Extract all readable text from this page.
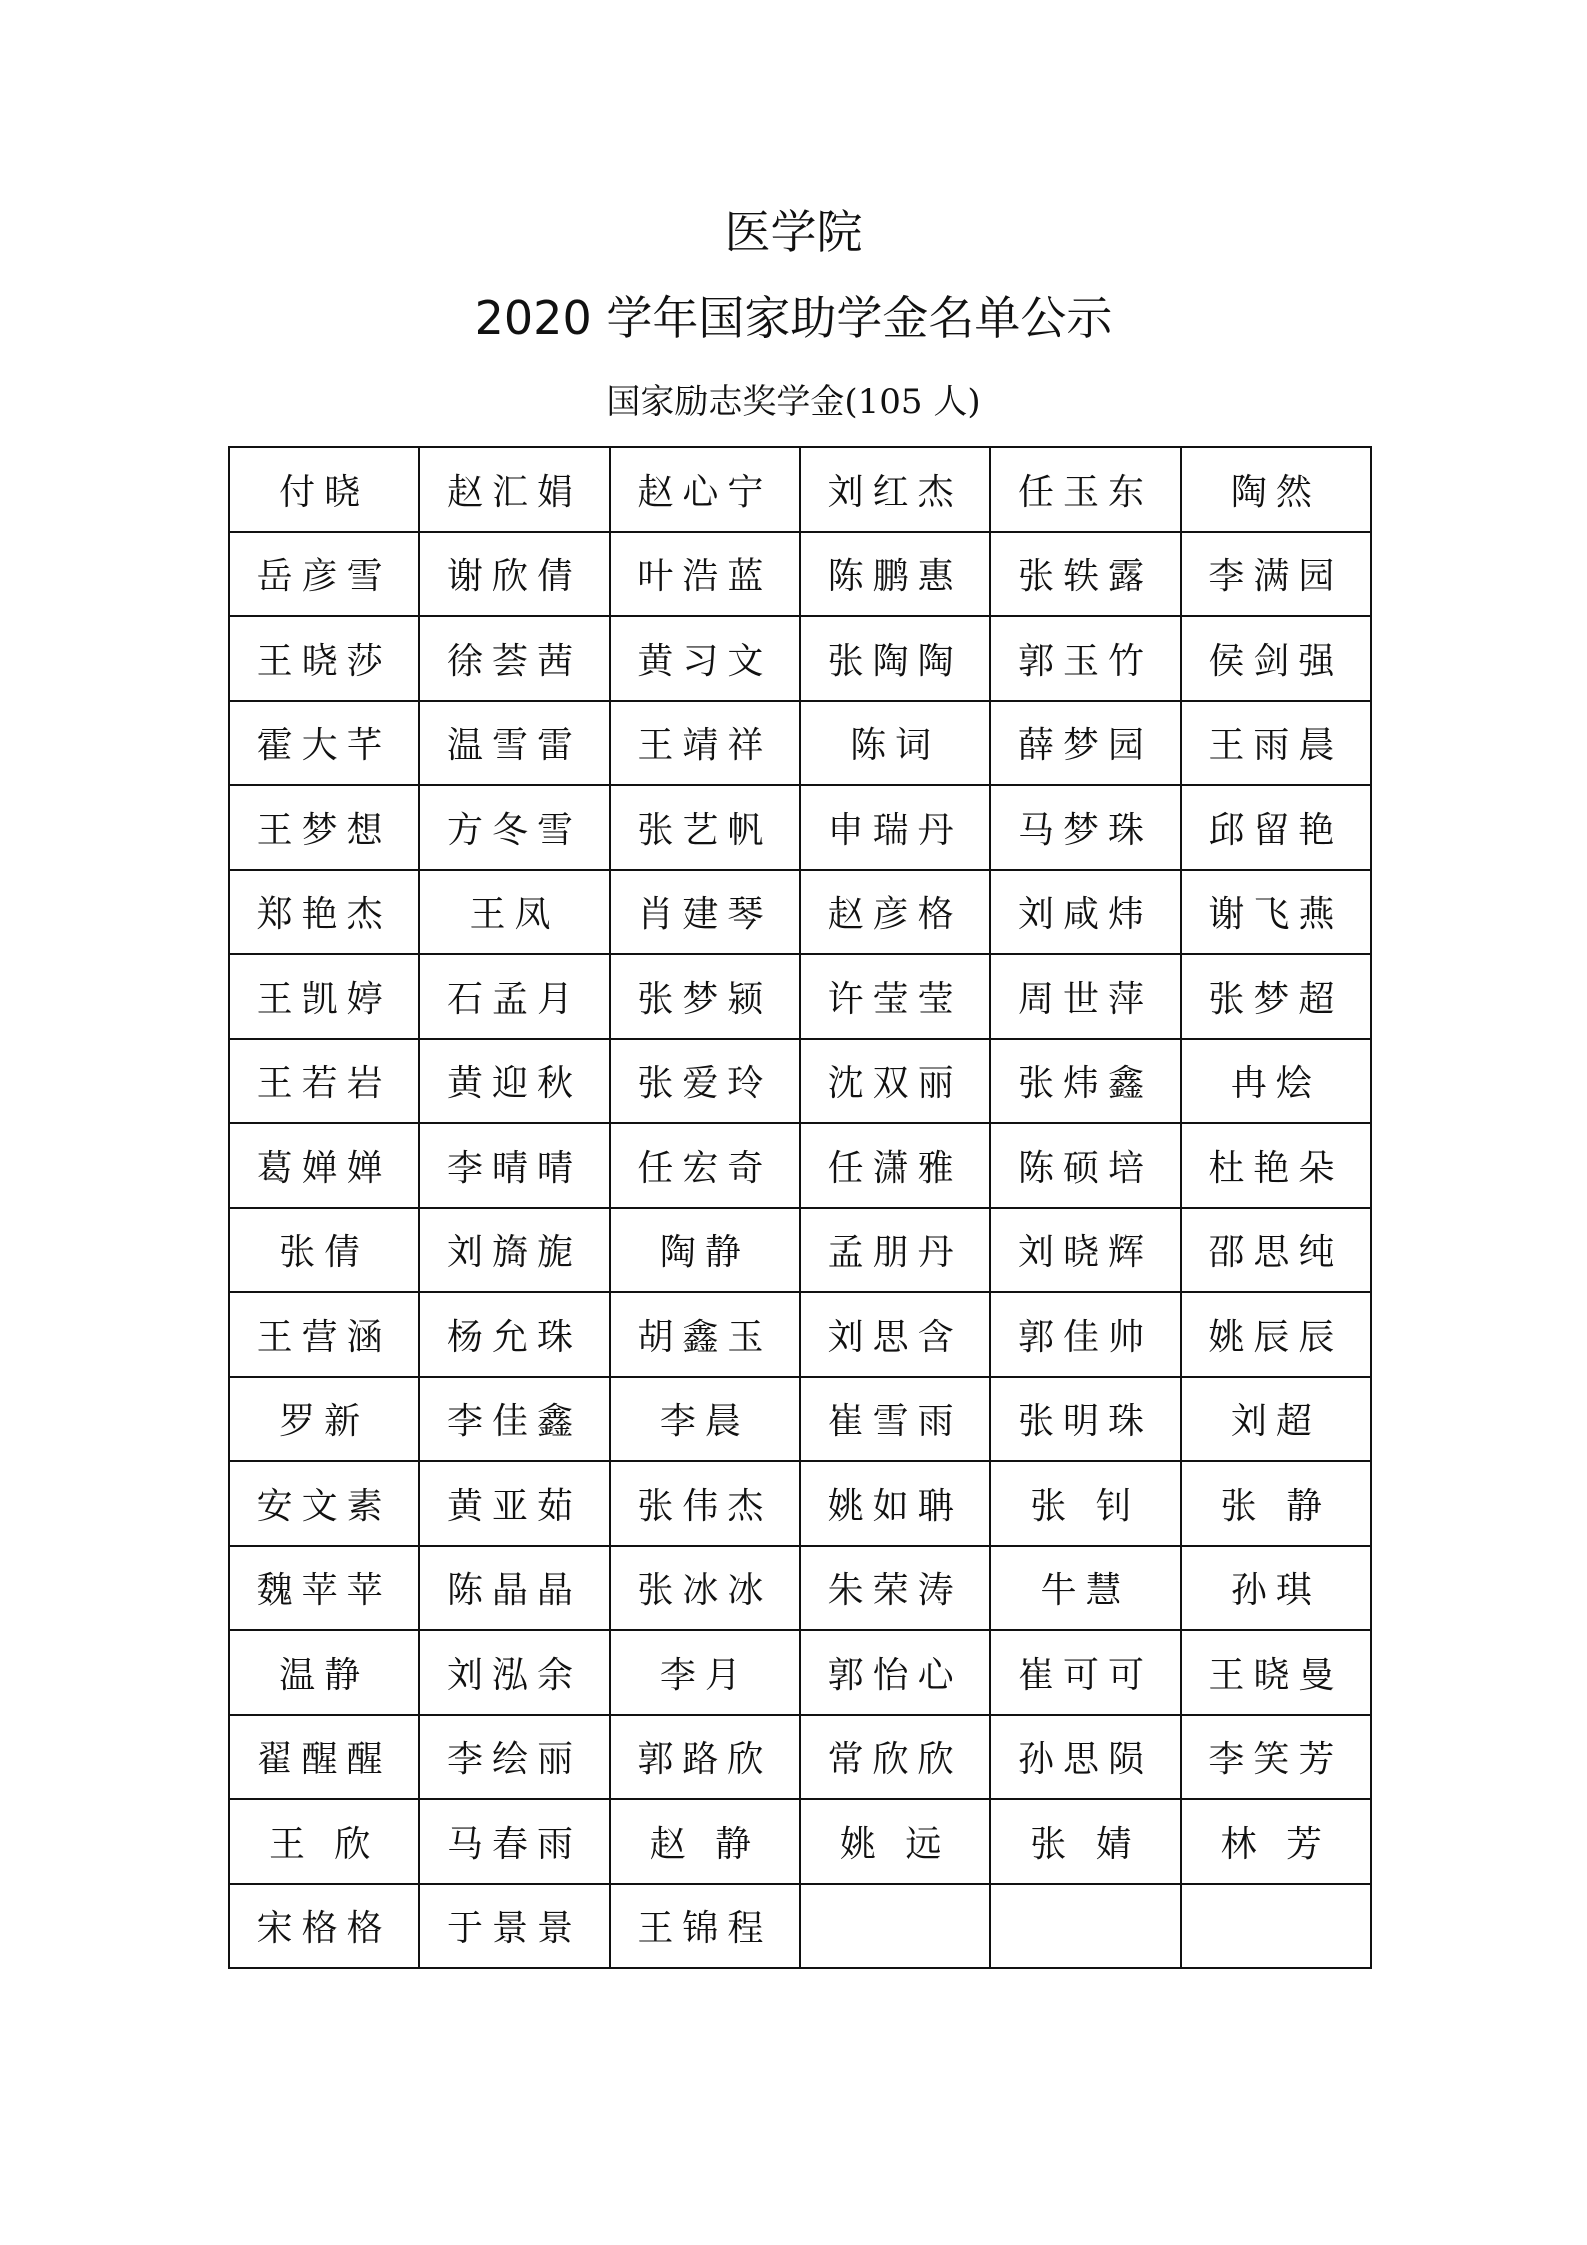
医学院
2020 学年国家助学金名单公示
国家励志奖学金(105 人)
付晓	赵汇娟	赵心宁	刘红杰	任玉东	陶然
岳彦雪	谢欣倩	叶浩蓝	陈鹏惠	张轶露	李满园
王晓莎	徐荟茜	黄习文	张陶陶	郭玉竹	侯剑强
霍大芊	温雪雷	王靖祥	陈词	薛梦园	王雨晨
王梦想	方冬雪	张艺帆	申瑞丹	马梦珠	邱留艳
郑艳杰	王凤	肖建琴	赵彦格	刘咸炜	谢飞燕
王凯婷	石孟月	张梦颍	许莹莹	周世萍	张梦超
王若岩	黄迎秋	张爱玲	沈双丽	张炜鑫	冉烩
葛婵婵	李晴晴	任宏奇	任潇雅	陈硕培	杜艳朵
张倩	刘旖旎	陶静	孟朋丹	刘晓辉	邵思纯
王营涵	杨允珠	胡鑫玉	刘思含	郭佳帅	姚辰辰
罗新	李佳鑫	李晨	崔雪雨	张明珠	刘超
安文素	黄亚茹	张伟杰	姚如聃	张 钊	张 静
魏苹苹	陈晶晶	张冰冰	朱荣涛	牛慧	孙琪
温静	刘泓余	李月	郭怡心	崔可可	王晓曼
翟醒醒	李绘丽	郭路欣	常欣欣	孙思陨	李笑芳
王 欣	马春雨	赵 静	姚 远	张 婧	林 芳
宋格格	于景景	王锦程			
